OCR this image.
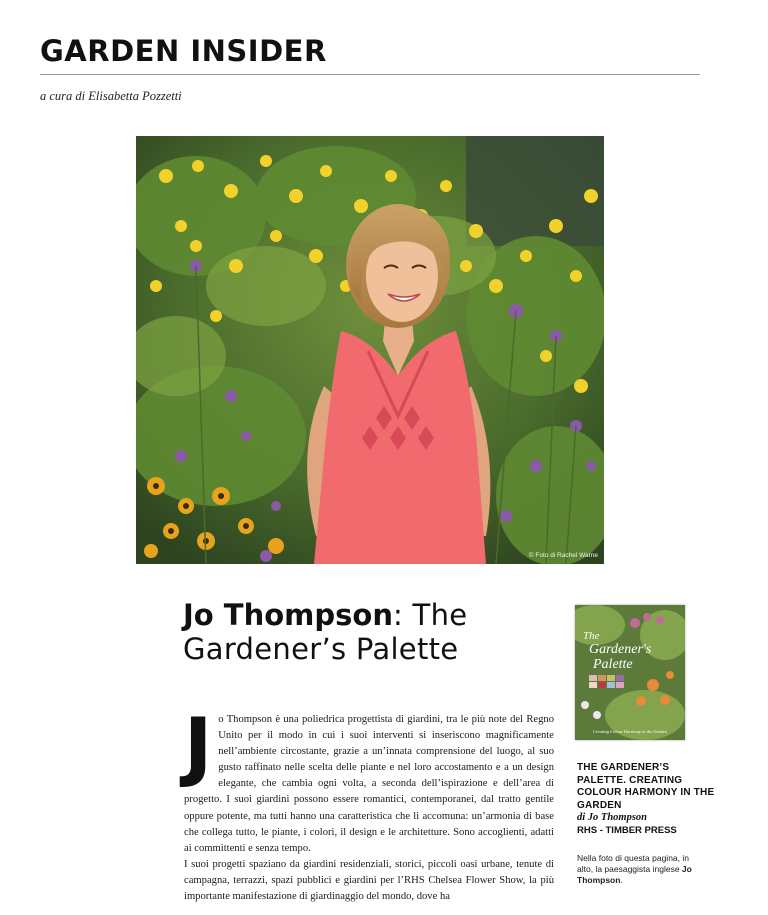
GARDEN INSIDER
a cura di Elisabetta Pozzetti
© Foto di Rachel Warne
Jo Thompson: The Gardener’s Palette
J o Thompson è una poliedrica progettista di giardini, tra le più note del Regno Unito per il modo in cui i suoi interventi si inseriscono magnificamente nell’ambiente circostante, grazie a un’innata comprensione del luogo, al suo gusto raffinato nelle scelta delle piante e nel loro accostamento e a un design elegante, che cambia ogni volta, a seconda dell’ispirazione e dell’area di progetto. I suoi giardini possono essere romantici, contemporanei, dal tratto gentile oppure potente, ma tutti hanno una caratteristica che li accomuna: un’armonia di base che collega tutto, le piante, i colori, il design e le architetture. Sono accoglienti, adatti ai committenti e senza tempo.

I suoi progetti spaziano da giardini residenziali, storici, piccoli oasi urbane, tenute di campagna, terrazzi, spazi pubblici e giardini per l’RHS Chelsea Flower Show, la più importante manifestazione di giardinaggio del mondo, dove ha

The
Gardener's
Palette
Creating Colour Harmony in the Garden
THE GARDENER’S PALETTE. CREATING COLOUR HARMONY IN THE GARDEN
di Jo Thompson
RHS - TIMBER PRESS
Nella foto di questa pagina, in alto, la paesaggista inglese Jo Thompson.
